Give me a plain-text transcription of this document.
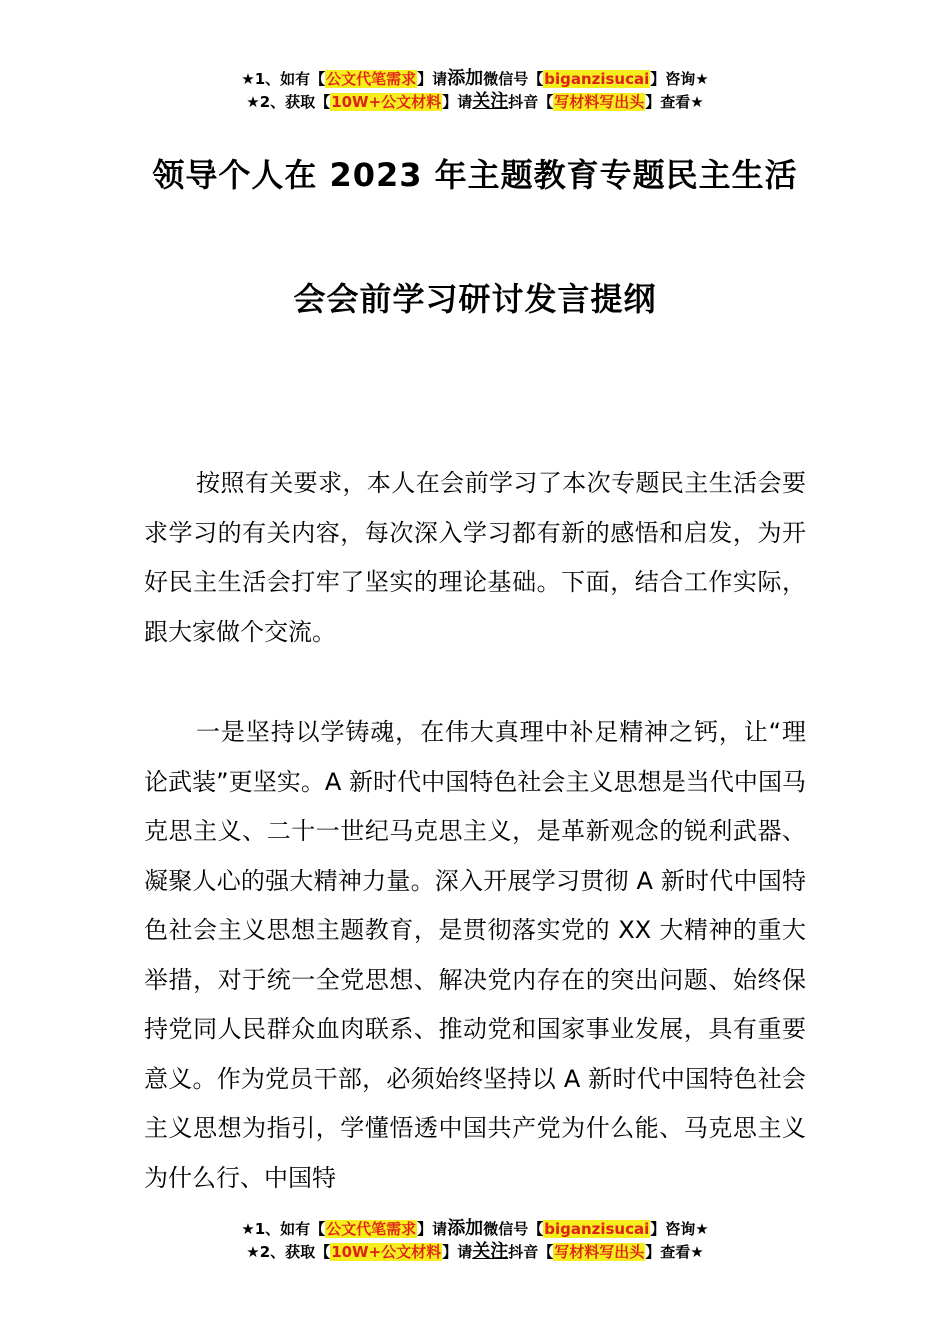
★1、如有【公文代笔需求】请添加微信号【biganzisucai】咨询★
★2、获取【10W+公文材料】请关注抖音【写材料写出头】查看★
领导个人在 2023 年主题教育专题民主生活
会会前学习研讨发言提纲

按照有关要求，本人在会前学习了本次专题民主生活会要求学习的有关内容，每次深入学习都有新的感悟和启发，为开好民主生活会打牢了坚实的理论基础。下面，结合工作实际，跟大家做个交流。

一是坚持以学铸魂，在伟大真理中补足精神之钙，让“理论武装”更坚实。A 新时代中国特色社会主义思想是当代中国马克思主义、二十一世纪马克思主义，是革新观念的锐利武器、凝聚人心的强大精神力量。深入开展学习贯彻 A 新时代中国特色社会主义思想主题教育，是贯彻落实党的 XX 大精神的重大举措，对于统一全党思想、解决党内存在的突出问题、始终保持党同人民群众血肉联系、推动党和国家事业发展，具有重要意义。作为党员干部，必须始终坚持以 A 新时代中国特色社会主义思想为指引，学懂悟透中国共产党为什么能、马克思主义为什么行、中国特

★1、如有【公文代笔需求】请添加微信号【biganzisucai】咨询★
★2、获取【10W+公文材料】请关注抖音【写材料写出头】查看★
